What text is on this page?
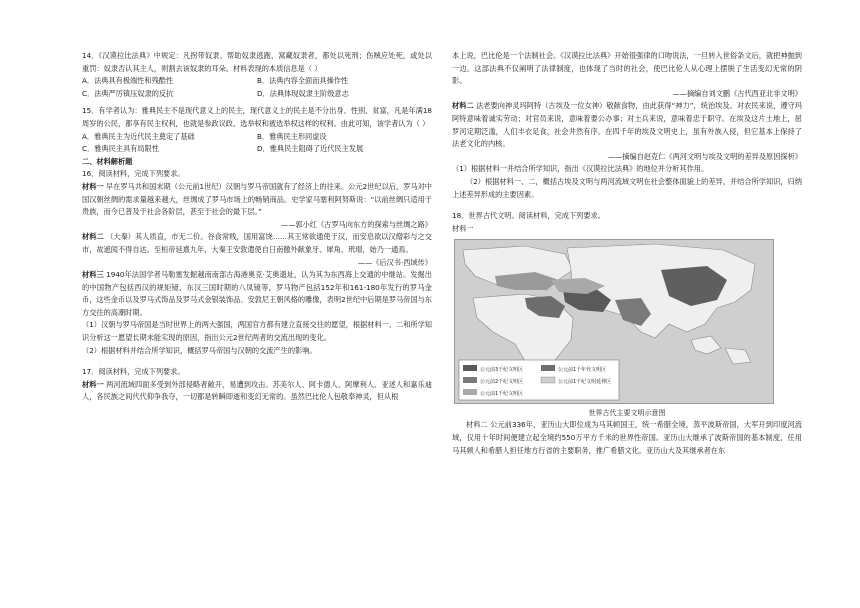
14．《汉谟拉比法典》中规定：凡拐带奴隶、帮助奴隶逃跑、窝藏奴隶者，都处以死刑；伤贼应处死，或处以重罚：奴隶否认其主人，则割去该奴隶的耳朵。材料表现的本质信息是（ ）

A．法典具有极端性和残酷性	B．法典内容全面而具操作性
C．法典严厉镇压奴隶的反抗	D．法典体现奴隶主阶级意志

15．有学者认为：雅典民主不是现代意义上的民主，现代意义上的民主是不分出身、性别、贫富，凡是年满18周岁的公民，都享有民主权利，也就是参政议政、选举权和被选举权这样的权利。由此可知，该学者认为（ ）

A．雅典民主为近代民主奠定了基础	B．雅典民主形同虚设
C．雅典民主具有局限性	D．雅典民主阻碍了近代民主发展

二、材料解析题

16．阅读材料，完成下列要求。

材料一 早在罗马共和国末期（公元前1世纪）汉朝与罗马帝国就有了经济上的往来。公元2世纪以后，罗马对中国汉朝丝绸的需求量越来越大，丝绸成了罗马市场上的畅销商品。史学家马塞利阿努斯说：“以前丝绸只适用于贵族，而今已普及于社会各阶层，甚至于社会的最下层。”

——郭小红《古罗马向东方的探索与丝绸之路》

材料二 （大秦）其人质直，市无二价。谷食常贱，国用富饶……其王常欲通使于汉，而安息欲以汉缯彩与之交市，故遮阂不得自达。至桓帝延熹九年，大秦王安敦遣使自日南徼外献象牙、犀角、玳瑁，始乃一通焉。

——《后汉书·西域传》

材料三 1940年法国学者马勒塞发掘越南南部古海港奥克·艾奥遗址，认为其为东西海上交通的中继站。发掘出的中国物产包括西汉的规矩镜、东汉三国时期的八凤镜等，罗马物产包括152年和161-180年发行的罗马金币，这些金币以及罗马式饰品及罗马式金银装饰品、安敦尼王朝风格的雕像，表明2世纪中后期是罗马帝国与东方交往的高潮时期。

（1）汉朝与罗马帝国是当时世界上的两大强国，两国官方都有建立直接交往的愿望，根据材料一、二和所学知识分析这一愿望长期未能实现的原因，指出公元2世纪两者的交流出现的变化。

（2）根据材料并结合所学知识，概括罗马帝国与汉朝的交流产生的影响。

17．阅读材料，完成下列要求。

材料一 两河流域四面多受到外部侵略者敞开，易遭到攻击。苏美尔人、阿卡德人、阿摩利人、亚述人和嘉乐迪人，各民族之间代代仰争我夺，一切都是转瞬即逝和变幻无常的。虽然巴比伦人包敬奉神灵，但从根

本上说，巴比伦是一个法制社会。《汉谟拉比法典》开始很强律的口吻说法，一旦转入世俗条文后，就把神抛到一边。这部法典不仅阐明了法律制度，也体现了当时的社会，使巴比伦人从心理上摆脱了生活变幻无常的阴影。

——摘编自刘文鹏《古代西亚北非文明》

材料二 法老要向神灵玛阿特（古埃及一位女神）敬献食物，由此获得“神力”，统治埃及、对农民来说，遵守玛阿特意味着诚实劳动；对官员来说，意味着要公办事；对士兵来说，意味着忠于职守。在埃及这片土地上，屈罗河定期泛滥，人们丰衣足食，社会井然有序。在四千年的埃及文明史上，虽有外族入侵，但它基本上保持了法老文化的内核。

——摘编自赵克仁《两河文明与埃及文明的差异及原因探析》

（1）根据材料一并结合所学知识，指出《汉谟拉比法典》的地位并分析其作用。

（2）根据材料一、二，概括古埃及文明与两河流域文明在社会整体面貌上的差异，并结合所学知识，归纳上述差异形成的主要因素。

18．世界古代文明。阅读材料，完成下列要求。

材料一

公元前3千纪文明区
公元前2千纪文明区
公元前1千纪文明区
公元前1千年代文明区
公元前1千纪文明延伸区

世界古代主要文明示意图

材料二 公元前336年，亚历山大即位成为马其顿国王，统一希腊全境，蒸平波斯帝国，大军开到印度河流域，仅用十年时间便建立起全境约550万平方千米的世界性帝国。亚历山大继承了波斯帝国的基本制度，任用马其顿人和希腊人担任地方行省的主要职务，推广希腊文化。亚历山大及其继承者在东
